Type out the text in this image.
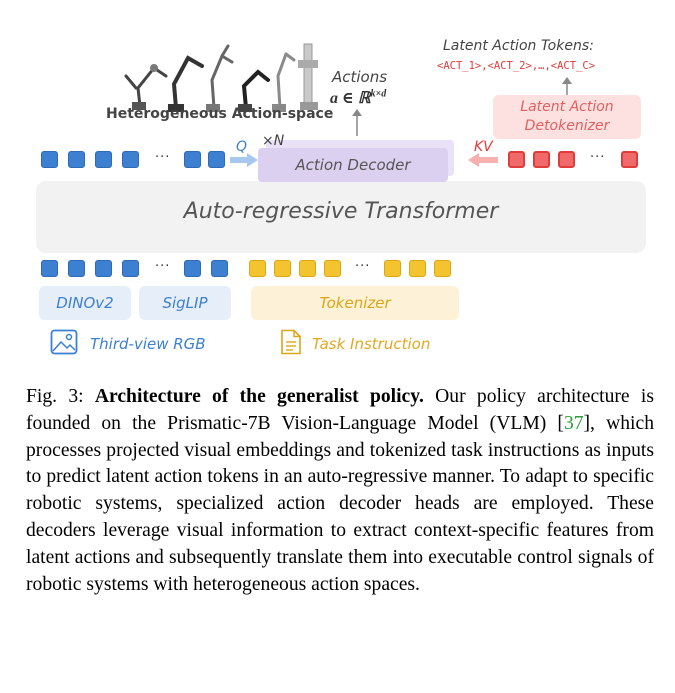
Heterogeneous Action-space
Actions
a ∈ ℝ$^{k\times d}$
Latent Action Tokens:
<ACT_1>,<ACT_2>,…,<ACT_C>
Latent Action
Detokenizer
Auto-regressive Transformer
Action Decoder
×N
Q	KV
···	···
···	···
DINOv2	SigLIP	Tokenizer
Third-view RGB	Task Instruction
Fig. 3: Architecture of the generalist policy. Our policy architecture is founded on the Prismatic-7B Vision-Language Model (VLM) [37], which processes projected visual embeddings and tokenized task instructions as inputs to predict latent action tokens in an auto-regressive manner. To adapt to specific robotic systems, specialized action decoder heads are employed. These decoders leverage visual information to extract context-specific features from latent actions and subsequently translate them into executable control signals of robotic systems with heterogeneous action spaces.
